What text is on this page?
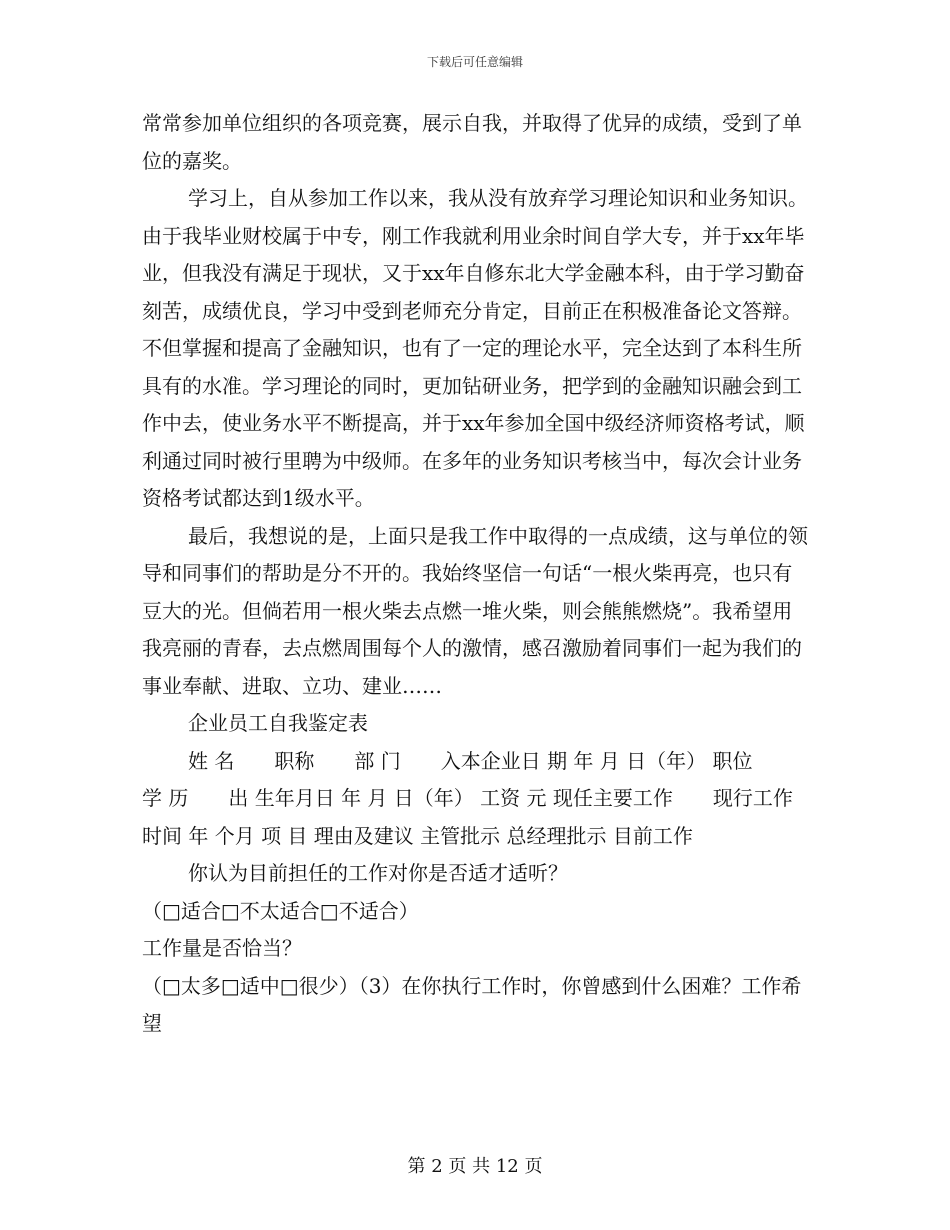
下载后可任意编辑

常常参加单位组织的各项竞赛，展示自我，并取得了优异的成绩，受到了单位的嘉奖。

学习上，自从参加工作以来，我从没有放弃学习理论知识和业务知识。由于我毕业财校属于中专，刚工作我就利用业余时间自学大专，并于xx年毕业，但我没有满足于现状，又于xx年自修东北大学金融本科，由于学习勤奋刻苦，成绩优良，学习中受到老师充分肯定，目前正在积极准备论文答辩。不但掌握和提高了金融知识，也有了一定的理论水平，完全达到了本科生所具有的水准。学习理论的同时，更加钻研业务，把学到的金融知识融会到工作中去，使业务水平不断提高，并于xx年参加全国中级经济师资格考试，顺利通过同时被行里聘为中级师。在多年的业务知识考核当中，每次会计业务资格考试都达到1级水平。

最后，我想说的是，上面只是我工作中取得的一点成绩，这与单位的领导和同事们的帮助是分不开的。我始终坚信一句话“一根火柴再亮，也只有豆大的光。但倘若用一根火柴去点燃一堆火柴，则会熊熊燃烧”。我希望用我亮丽的青春，去点燃周围每个人的激情，感召激励着同事们一起为我们的事业奉献、进取、立功、建业……

企业员工自我鉴定表

姓 名　　职称　　部 门　　入本企业日 期 年 月 日（年） 职位　　学 历　　出 生年月日 年 月 日（年） 工资 元 现任主要工作　　现行工作时间 年 个月 项 目 理由及建议 主管批示 总经理批示 目前工作

你认为目前担任的工作对你是否适才适听？

（□适合□不太适合□不适合）

工作量是否恰当？

（□太多□适中□很少）（3）在你执行工作时，你曾感到什么困难？工作希望

第 2 页 共 12 页
